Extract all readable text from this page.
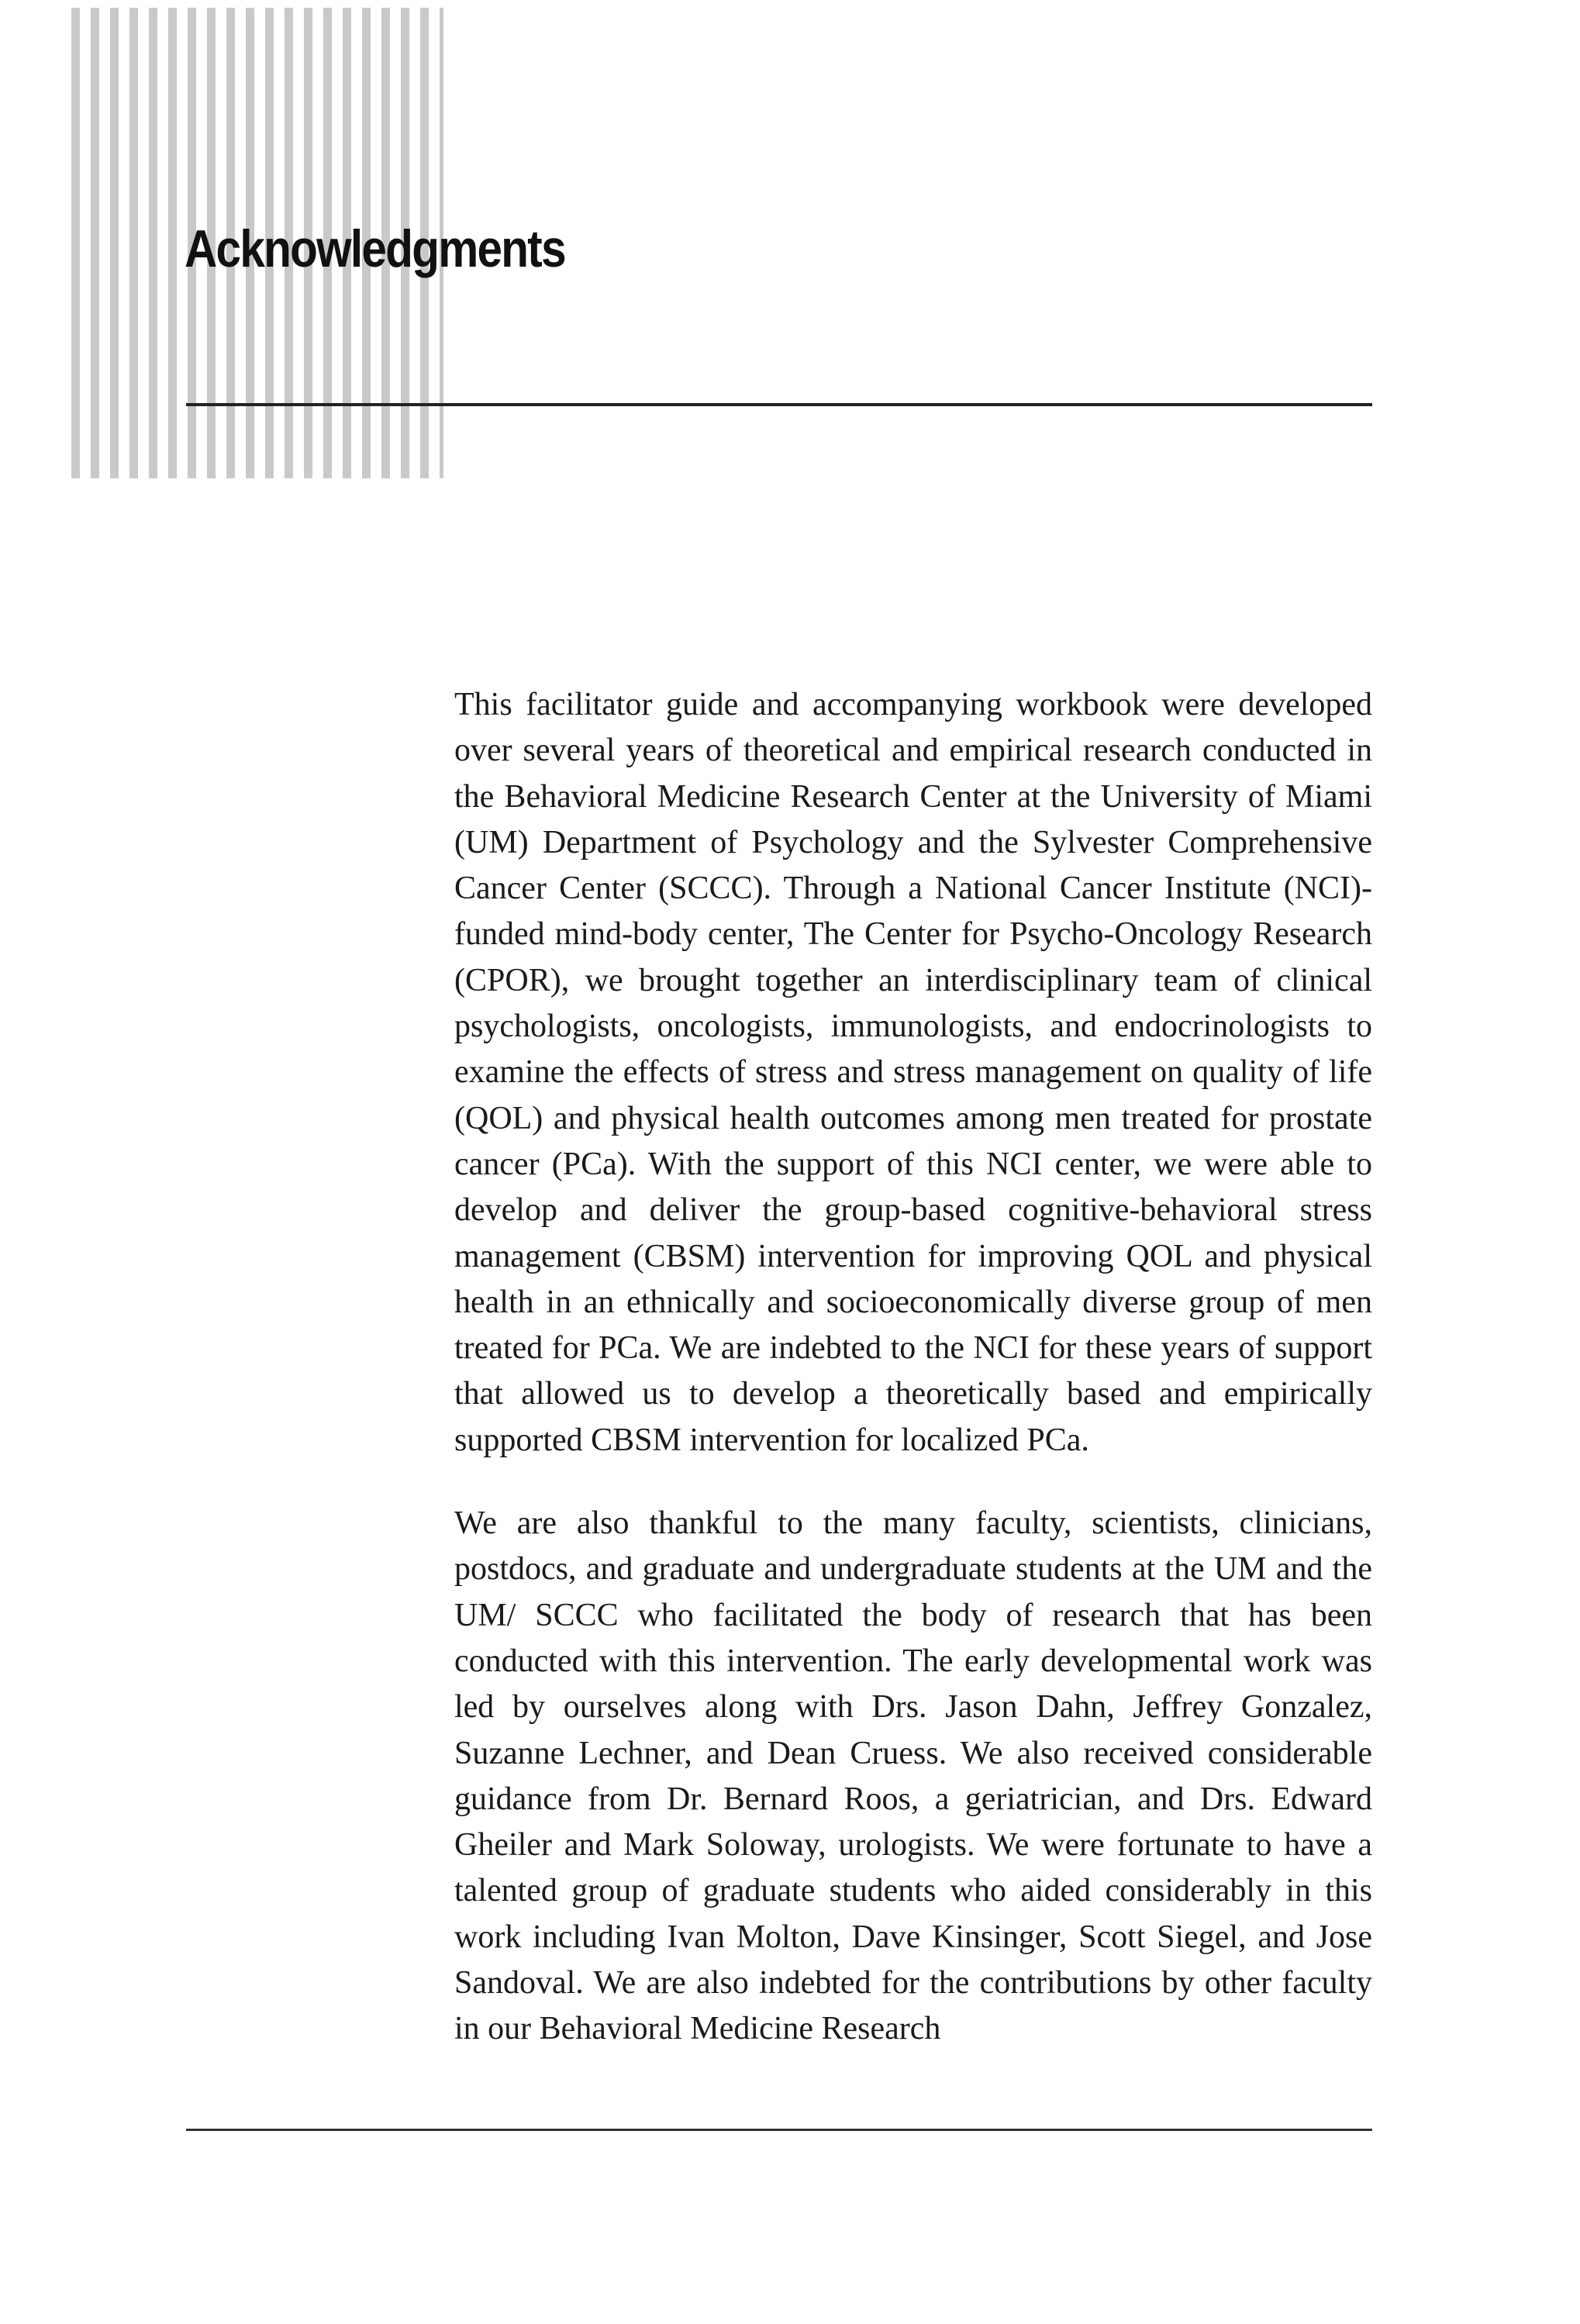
Acknowledgments

This facilitator guide and accompanying workbook were developed over several years of theoretical and empirical research conducted in the Behavioral Medicine Research Center at the University of Miami (UM) Department of Psychology and the Sylvester Comprehensive Cancer Center (SCCC). Through a National Cancer Institute (NCI)-funded mind-body center, The Center for Psycho-Oncology Research (CPOR), we brought together an interdisciplinary team of clinical psychologists, oncologists, immunologists, and endocrinologists to examine the effects of stress and stress management on quality of life (QOL) and physical health outcomes among men treated for prostate cancer (PCa). With the support of this NCI center, we were able to develop and deliver the group-based cognitive-behavioral stress management (CBSM) intervention for improving QOL and physical health in an ethnically and socioeconomically diverse group of men treated for PCa. We are indebted to the NCI for these years of support that allowed us to develop a theoretically based and empirically supported CBSM intervention for localized PCa.

We are also thankful to the many faculty, scientists, clinicians, postdocs, and graduate and undergraduate students at the UM and the UM/ SCCC who facilitated the body of research that has been conducted with this intervention. The early developmental work was led by ourselves along with Drs. Jason Dahn, Jeffrey Gonzalez, Suzanne Lechner, and Dean Cruess. We also received considerable guidance from Dr. Bernard Roos, a geriatrician, and Drs. Edward Gheiler and Mark Soloway, urologists. We were fortunate to have a talented group of graduate students who aided considerably in this work including Ivan Molton, Dave Kinsinger, Scott Siegel, and Jose Sandoval. We are also indebted for the contributions by other faculty in our Behavioral Medicine Research
